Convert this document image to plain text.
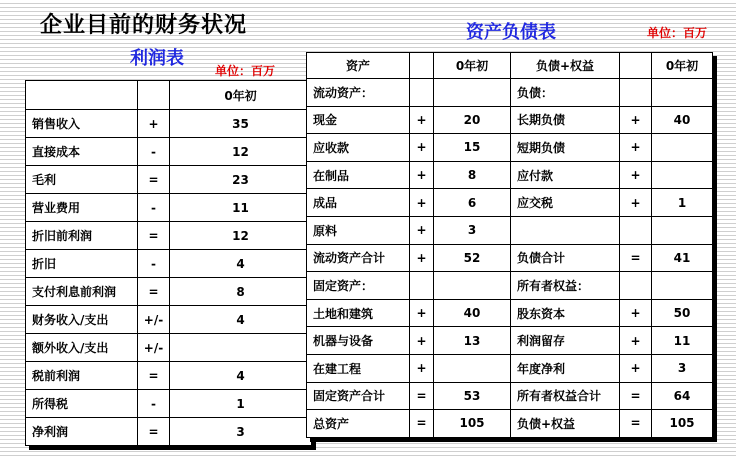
企业目前的财务状况
利润表
单位：百万
资产负债表	单位：百万
		0年初
销售收入	+	35
直接成本	-	12
毛利	=	23
营业费用	-	11
折旧前利润	=	12
折旧	-	4
支付利息前利润	=	8
财务收入/支出	+/-	4
额外收入/支出	+/-	
税前利润	=	4
所得税	-	1
净利润	=	3
资产		0年初	负债+权益		0年初
流动资产：			负债：		
现金	+	20	长期负债	+	40
应收款	+	15	短期负债	+	
在制品	+	8	应付款	+	
成品	+	6	应交税	+	1
原料	+	3			
流动资产合计	+	52	负债合计	=	41
固定资产：			所有者权益：		
土地和建筑	+	40	股东资本	+	50
机器与设备	+	13	利润留存	+	11
在建工程	+		年度净利	+	3
固定资产合计	=	53	所有者权益合计	=	64
总资产	=	105	负债+权益	=	105
